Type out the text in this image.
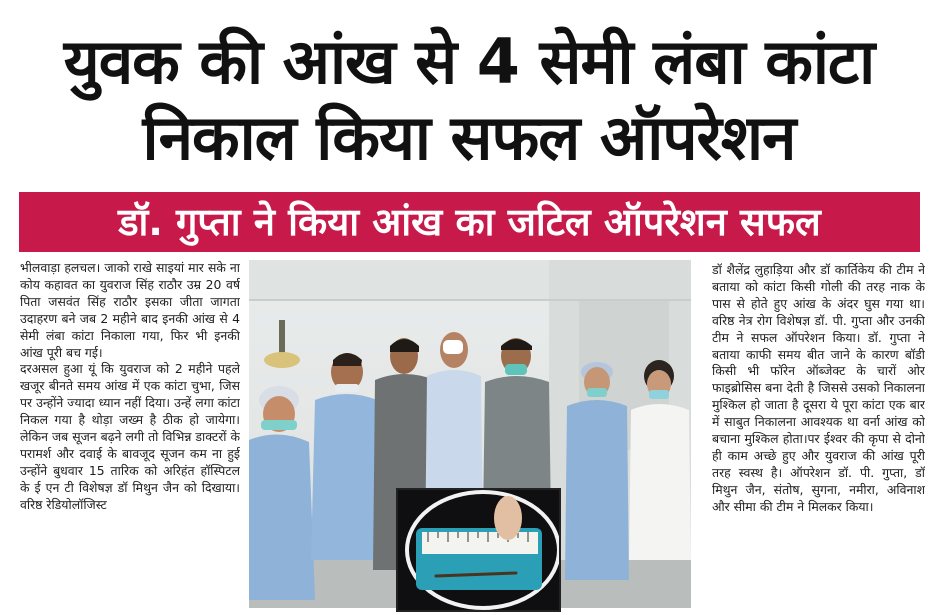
युवक की आंख से 4 सेमी लंबा कांटा
निकाल किया सफल ऑपरेशन
डॉ. गुप्ता ने किया आंख का जटिल ऑपरेशन सफल

भीलवाड़ा हलचल। जाको राखे साइयां मार सके ना कोय कहावत का युवराज सिंह राठौर उम्र 20 वर्ष पिता जसवंत सिंह राठौर इसका जीता जागता उदाहरण बने जब 2 महीने बाद इनकी आंख से 4 सेमी लंबा कांटा निकाला गया, फिर भी इनकी आंख पूरी बच गई।

दरअसल हुआ यूं कि युवराज को 2 महीने पहले खजूर बीनते समय आंख में एक कांटा चुभा, जिस पर उन्होंने ज्यादा ध्यान नहीं दिया। उन्हें लगा कांटा निकल गया है थोड़ा जख्म है ठीक हो जायेगा। लेकिन जब सूजन बढ़ने लगी तो विभिन्न डाक्टरों के परामर्श और दवाई के बावजूद सूजन कम ना हुई उन्होंने बुधवार 15 तारिक को अरिहंत हॉस्पिटल के ई एन टी विशेषज्ञ डॉ मिथुन जैन को दिखाया। वरिष्ठ रेडियोलॉजिस्ट

डॉ शैलेंद्र लुहाड़िया और डॉ कार्तिकेय की टीम ने बताया को कांटा किसी गोली की तरह नाक के पास से होते हुए आंख के अंदर घुस गया था। वरिष्ठ नेत्र रोग विशेषज्ञ डॉ. पी. गुप्ता और उनकी टीम ने सफल ऑपरेशन किया। डॉ. गुप्ता ने बताया काफी समय बीत जाने के कारण बॉडी किसी भी फॉरेन ऑब्जेक्ट के चारों ओर फाइब्रोसिस बना देती है जिससे उसको निकालना मुश्किल हो जाता है दूसरा ये पूरा कांटा एक बार में साबुत निकालना आवश्यक था वर्ना आंख को बचाना मुश्किल होता।पर ईश्वर की कृपा से दोनो ही काम अच्छे हुए और युवराज की आंख पूरी तरह स्वस्थ है। ऑपरेशन डॉ. पी. गुप्ता, डॉ मिथुन जैन, संतोष, सुगना, नमीरा, अविनाश और सीमा की टीम ने मिलकर किया।
